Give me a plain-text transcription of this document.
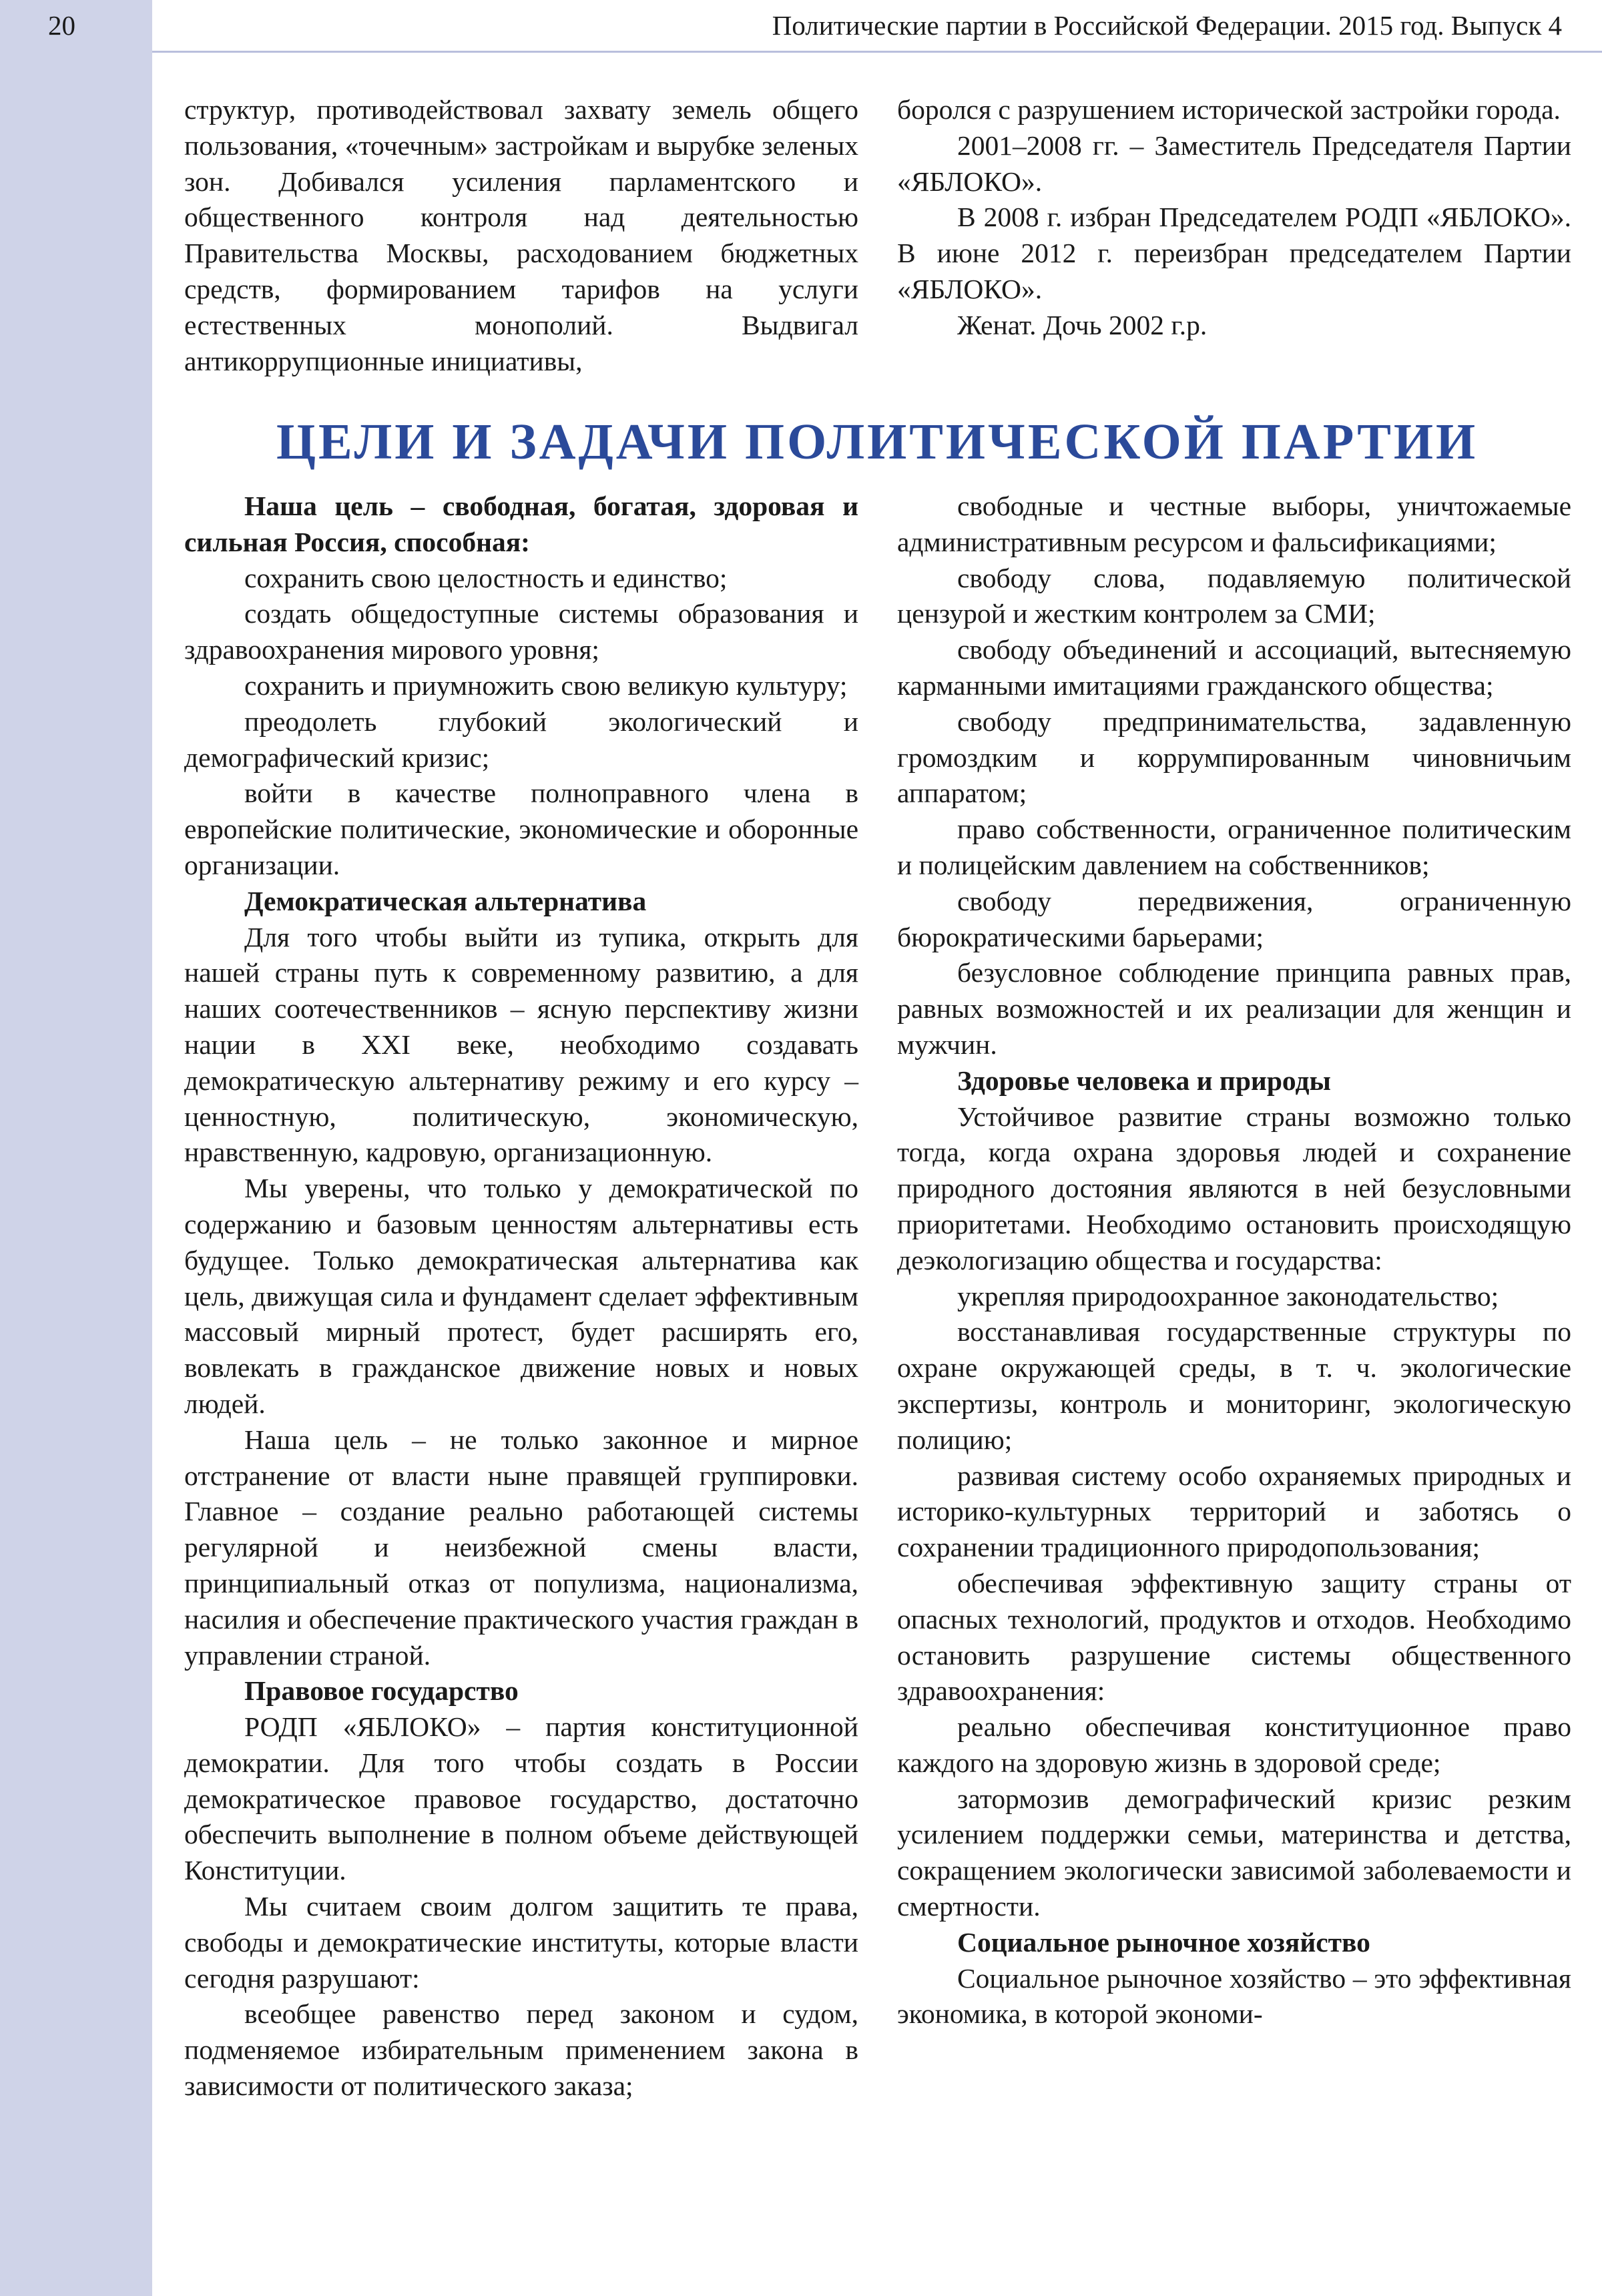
20	Политические партии в Российской Федерации. 2015 год. Выпуск 4

структур, противодействовал захвату земель общего пользования, «точечным» застройкам и вырубке зеленых зон. Добивался усиления парламентского и общественного контроля над деятельностью Правительства Москвы, расходованием бюджетных средств, формированием тарифов на услуги естественных монополий. Выдвигал антикоррупционные инициативы,

боролся с разрушением исторической застройки города.

2001–2008 гг. – Заместитель Председателя Партии «ЯБЛОКО».

В 2008 г. избран Председателем РОДП «ЯБЛОКО». В июне 2012 г. переизбран председателем Партии «ЯБЛОКО».

Женат. Дочь 2002 г.р.

ЦЕЛИ И ЗАДАЧИ ПОЛИТИЧЕСКОЙ ПАРТИИ

Наша цель – свободная, богатая, здоровая и сильная Россия, способная:

сохранить свою целостность и единство;

создать общедоступные системы образования и здравоохранения мирового уровня;

сохранить и приумножить свою великую культуру;

преодолеть глубокий экологический и демографический кризис;

войти в качестве полноправного члена в европейские политические, экономические и оборонные организации.

Демократическая альтернатива

Для того чтобы выйти из тупика, открыть для нашей страны путь к современному развитию, а для наших соотечественников – ясную перспективу жизни нации в XXI веке, необходимо создавать демократическую альтернативу режиму и его курсу – ценностную, политическую, экономическую, нравственную, кадровую, организационную.

Мы уверены, что только у демократической по содержанию и базовым ценностям альтернативы есть будущее. Только демократическая альтернатива как цель, движущая сила и фундамент сделает эффективным массовый мирный протест, будет расширять его, вовлекать в гражданское движение новых и новых людей.

Наша цель – не только законное и мирное отстранение от власти ныне правящей группировки. Главное – создание реально работающей системы регулярной и неизбежной смены власти, принципиальный отказ от популизма, национализма, насилия и обеспечение практического участия граждан в управлении страной.

Правовое государство

РОДП «ЯБЛОКО» – партия конституционной демократии. Для того чтобы создать в России демократическое правовое государство, достаточно обеспечить выполнение в полном объеме действующей Конституции.

Мы считаем своим долгом защитить те права, свободы и демократические институты, которые власти сегодня разрушают:

всеобщее равенство перед законом и судом, подменяемое избирательным применением закона в зависимости от политического заказа;

свободные и честные выборы, уничтожаемые административным ресурсом и фальсификациями;

свободу слова, подавляемую политической цензурой и жестким контролем за СМИ;

свободу объединений и ассоциаций, вытесняемую карманными имитациями гражданского общества;

свободу предпринимательства, задавленную громоздким и коррумпированным чиновничьим аппаратом;

право собственности, ограниченное политическим и полицейским давлением на собственников;

свободу передвижения, ограниченную бюрократическими барьерами;

безусловное соблюдение принципа равных прав, равных возможностей и их реализации для женщин и мужчин.

Здоровье человека и природы

Устойчивое развитие страны возможно только тогда, когда охрана здоровья людей и сохранение природного достояния являются в ней безусловными приоритетами. Необходимо остановить происходящую деэкологизацию общества и государства:

укрепляя природоохранное законодательство;

восстанавливая государственные структуры по охране окружающей среды, в т. ч. экологические экспертизы, контроль и мониторинг, экологическую полицию;

развивая систему особо охраняемых природных и историко-культурных территорий и заботясь о сохранении традиционного природопользования;

обеспечивая эффективную защиту страны от опасных технологий, продуктов и отходов. Необходимо остановить разрушение системы общественного здравоохранения:

реально обеспечивая конституционное право каждого на здоровую жизнь в здоровой среде;

затормозив демографический кризис резким усилением поддержки семьи, материнства и детства, сокращением экологически зависимой заболеваемости и смертности.

Социальное рыночное хозяйство

Социальное рыночное хозяйство – это эффективная экономика, в которой экономи-
